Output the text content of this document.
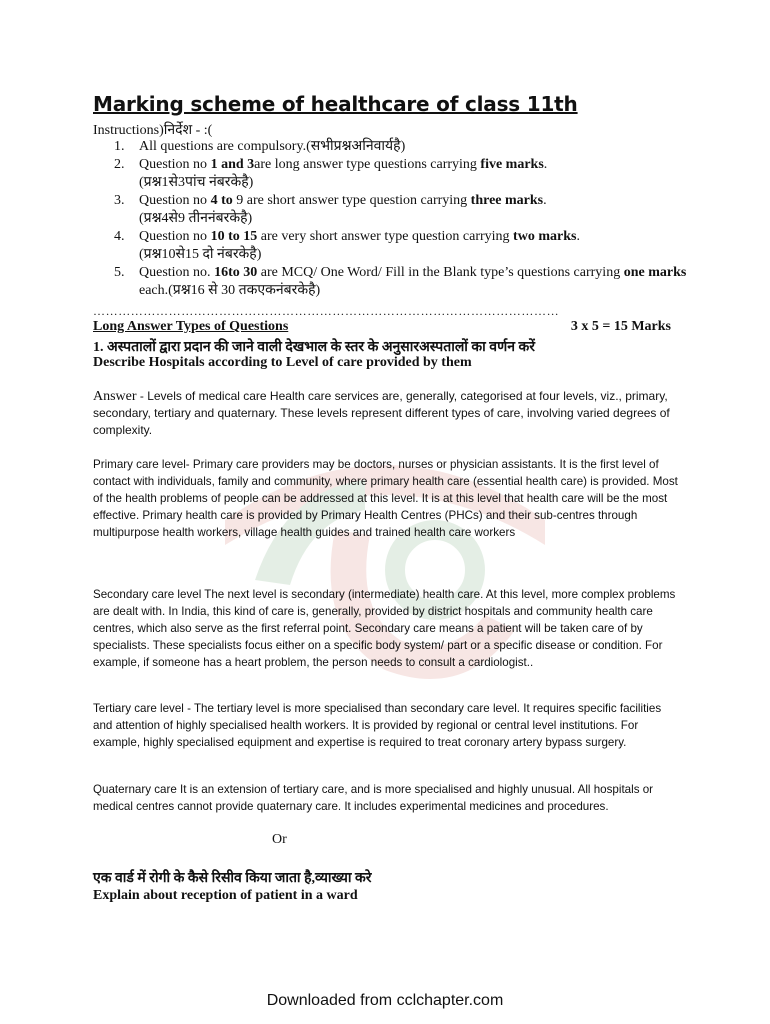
Marking scheme of healthcare of class 11th
Instructions)निर्देश - :(
1. All questions are compulsory.(सभीप्रश्नअनिवार्यहै)
2. Question no 1 and 3are long answer type questions carrying five marks.
(प्रश्न1से3पांच नंबरकेहै)
3. Question no 4 to 9 are short answer type question carrying three marks.
(प्रश्न4से9 तीननंबरकेहै)
4. Question no 10 to 15 are very short answer type question carrying two marks.
(प्रश्न10से15 दो नंबरकेहै)
5. Question no. 16to 30 are MCQ/ One Word/ Fill in the Blank type’s questions carrying one marks each.(प्रश्न16 से 30 तकएकनंबरकेहै)
…………………………………………………………………………………………………
Long Answer Types of Questions	3 x 5 = 15 Marks
1. अस्पतालों द्वारा प्रदान की जाने वाली देखभाल के स्तर के अनुसारअस्पतालों का वर्णन करें
Describe Hospitals according to Level of care provided by them
Answer - Levels of medical care Health care services are, generally, categorised at four levels, viz., primary, secondary, tertiary and quaternary. These levels represent different types of care, involving varied degrees of complexity.
Primary care level- Primary care providers may be doctors, nurses or physician assistants. It is the first level of contact with individuals, family and community, where primary health care (essential health care) is provided. Most of the health problems of people can be addressed at this level. It is at this level that health care will be the most effective. Primary health care is provided by Primary Health Centres (PHCs) and their sub-centres through multipurpose health workers, village health guides and trained health care workers
Secondary care level The next level is secondary (intermediate) health care. At this level, more complex problems are dealt with. In India, this kind of care is, generally, provided by district hospitals and community health care centres, which also serve as the first referral point. Secondary care means a patient will be taken care of by specialists. These specialists focus either on a specific body system/ part or a specific disease or condition. For example, if someone has a heart problem, the person needs to consult a cardiologist..
Tertiary care level - The tertiary level is more specialised than secondary care level. It requires specific facilities and attention of highly specialised health workers. It is provided by regional or central level institutions. For example, highly specialised equipment and expertise is required to treat coronary artery bypass surgery.
Quaternary care It is an extension of tertiary care, and is more specialised and highly unusual. All hospitals or medical centres cannot provide quaternary care. It includes experimental medicines and procedures.
Or
एक वार्ड में रोगी के कैसे रिसीव किया जाता है,व्याख्या करे
Explain about reception of patient in a ward
Downloaded from cclchapter.com
